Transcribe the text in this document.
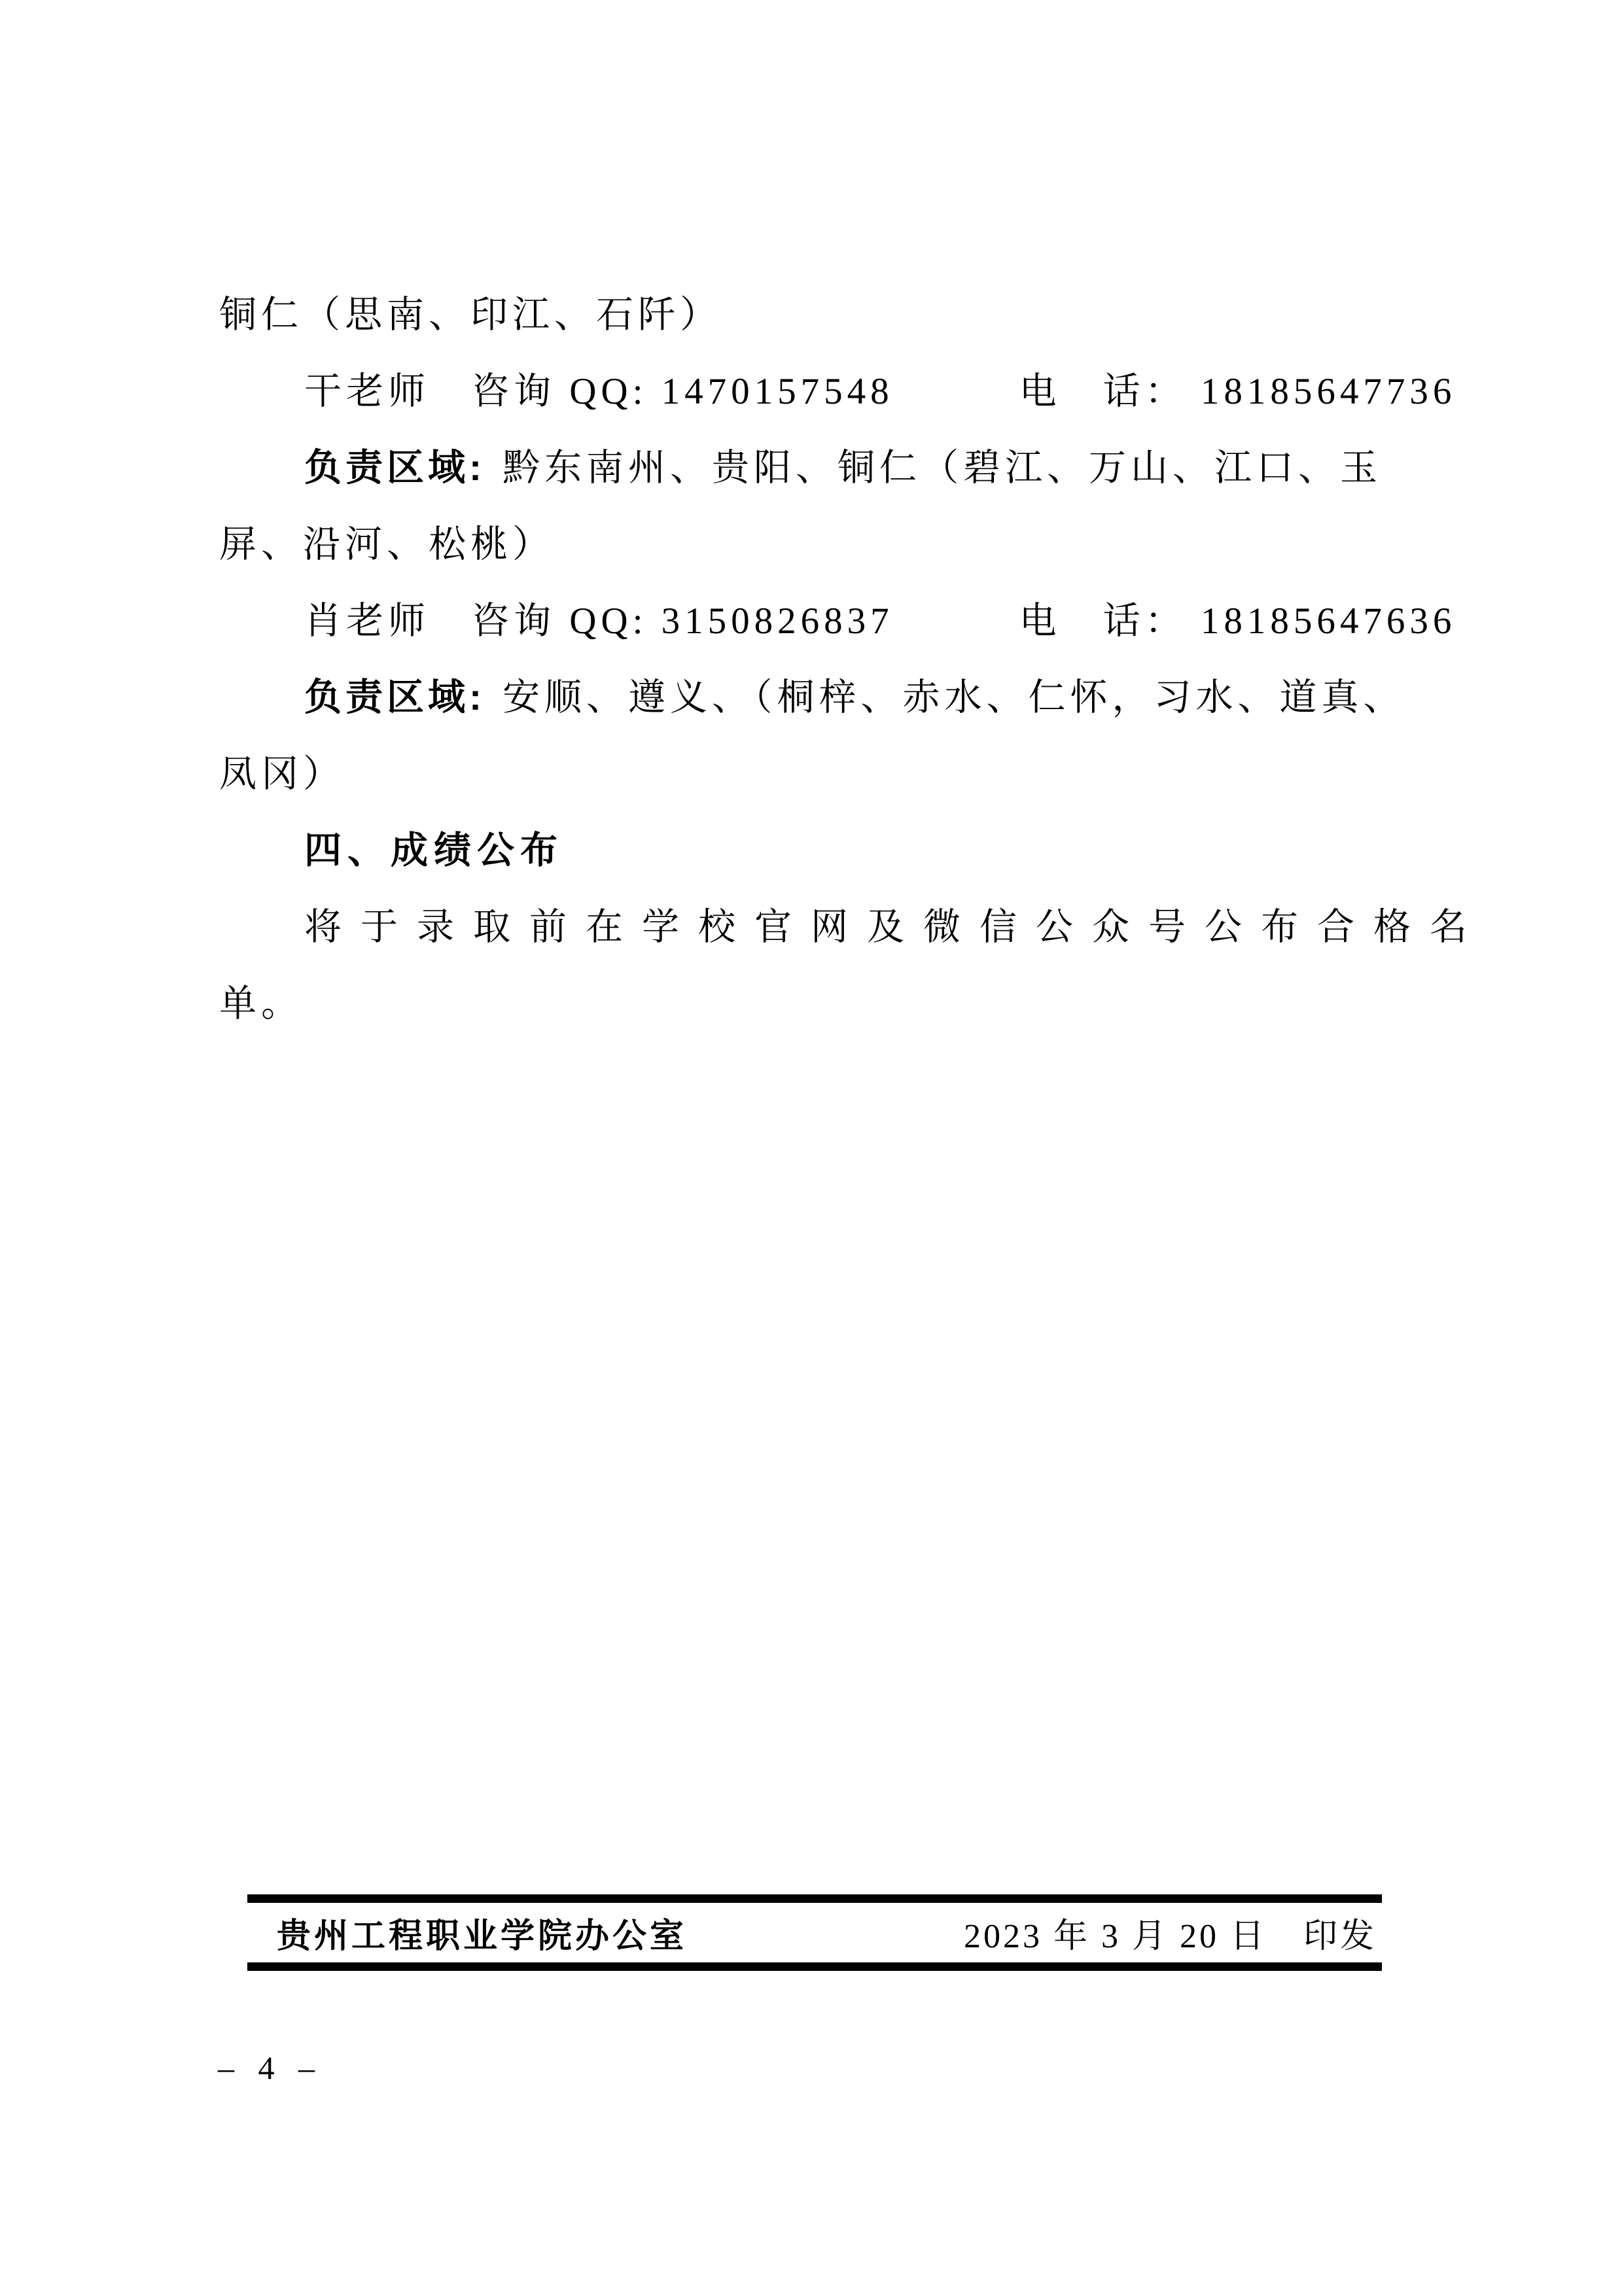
铜仁（思南、印江、石阡）
干老师　咨询 QQ: 1470157548　　　电　话： 18185647736
负责区域: 黔东南州、贵阳、铜仁（碧江、万山、江口、玉
屏、沿河、松桃）
肖老师　咨询 QQ: 3150826837　　　电　话： 18185647636
负责区域: 安顺、遵义、（桐梓、赤水、仁怀，习水、道真、
凤冈）
四、成绩公布
将于录取前在学校官网及微信公众号公布合格名
单。
贵州工程职业学院办公室	2023 年 3 月 20 日　印发
– 4 –
